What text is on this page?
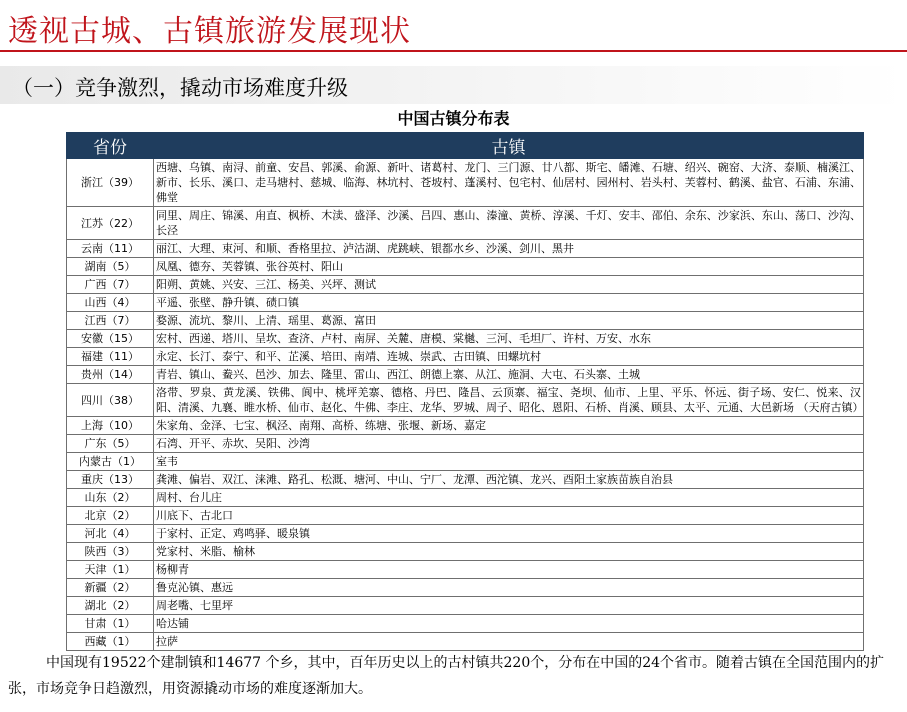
透视古城、古镇旅游发展现状
（一）竞争激烈，撬动市场难度升级
中国古镇分布表
省份	古镇
浙江（39）	西塘、乌镇、南浔、前童、安昌、郭溪、俞源、新叶、诸葛村、龙门、三门源、廿八都、斯宅、皤滩、石塘、绍兴、碗窑、大济、泰顺、楠溪江、新市、长乐、溪口、走马塘村、慈城、临海、林坑村、苍坡村、蓬溪村、包宅村、仙居村、园州村、岩头村、芙蓉村、鹤溪、盐官、石浦、东浦、佛堂
江苏（22）	同里、周庄、锦溪、甪直、枫桥、木渎、盛泽、沙溪、吕四、惠山、溱潼、黄桥、淳溪、千灯、安丰、邵伯、余东、沙家浜、东山、荡口、沙沟、长泾
云南（11）	丽江、大理、束河、和顺、香格里拉、泸沽湖、虎跳峡、银都水乡、沙溪、剑川、黑井
湖南（5）	凤凰、德夯、芙蓉镇、张谷英村、阳山
广西（7）	阳朔、黄姚、兴安、三江、杨美、兴坪、测试
山西（4）	平遥、张壁、静升镇、碛口镇
江西（7）	婺源、流坑、黎川、上清、瑶里、葛源、富田
安徽（15）	宏村、西递、塔川、呈坎、查济、卢村、南屏、关麓、唐模、棠樾、三河、毛坦厂、许村、万安、水东
福建（11）	永定、长汀、泰宁、和平、芷溪、培田、南靖、连城、崇武、古田镇、田螺坑村
贵州（14）	青岩、镇山、鲞兴、邑沙、加去、隆里、雷山、西江、朗德上寨、从江、施洞、大屯、石头寨、土城
四川（38）	洛带、罗泉、黄龙溪、铁佛、阆中、桃坪羌寨、德格、丹巴、隆昌、云顶寨、福宝、尧坝、仙市、上里、平乐、怀远、街子场、安仁、悦来、汉阳、清溪、九襄、睢水桥、仙市、赵化、牛佛、李庄、龙华、罗城、周子、昭化、恩阳、石桥、肖溪、顾县、太平、元通、大邑新场 （天府古镇）
上海（10）	朱家角、金泽、七宝、枫泾、南翔、高桥、练塘、张堰、新场、嘉定
广东（5）	石湾、开平、赤坎、吴阳、沙湾
内蒙古（1）	室韦
重庆（13）	龚滩、偏岩、双江、涞滩、路孔、松溉、塘河、中山、宁厂、龙潭、西沱镇、龙兴、酉阳土家族苗族自治县
山东（2）	周村、台儿庄
北京（2）	川底下、古北口
河北（4）	于家村、正定、鸡鸣驿、暖泉镇
陕西（3）	党家村、米脂、榆林
天津（1）	杨柳青
新疆（2）	鲁克沁镇、惠远
湖北（2）	周老嘴、七里坪
甘肃（1）	哈达铺
西藏（1）	拉萨
中国现有19522个建制镇和14677 个乡，其中，百年历史以上的古村镇共220个，分布在中国的24个省市。随着古镇在全国范围内的扩张，市场竞争日趋激烈，用资源撬动市场的难度逐渐加大。
